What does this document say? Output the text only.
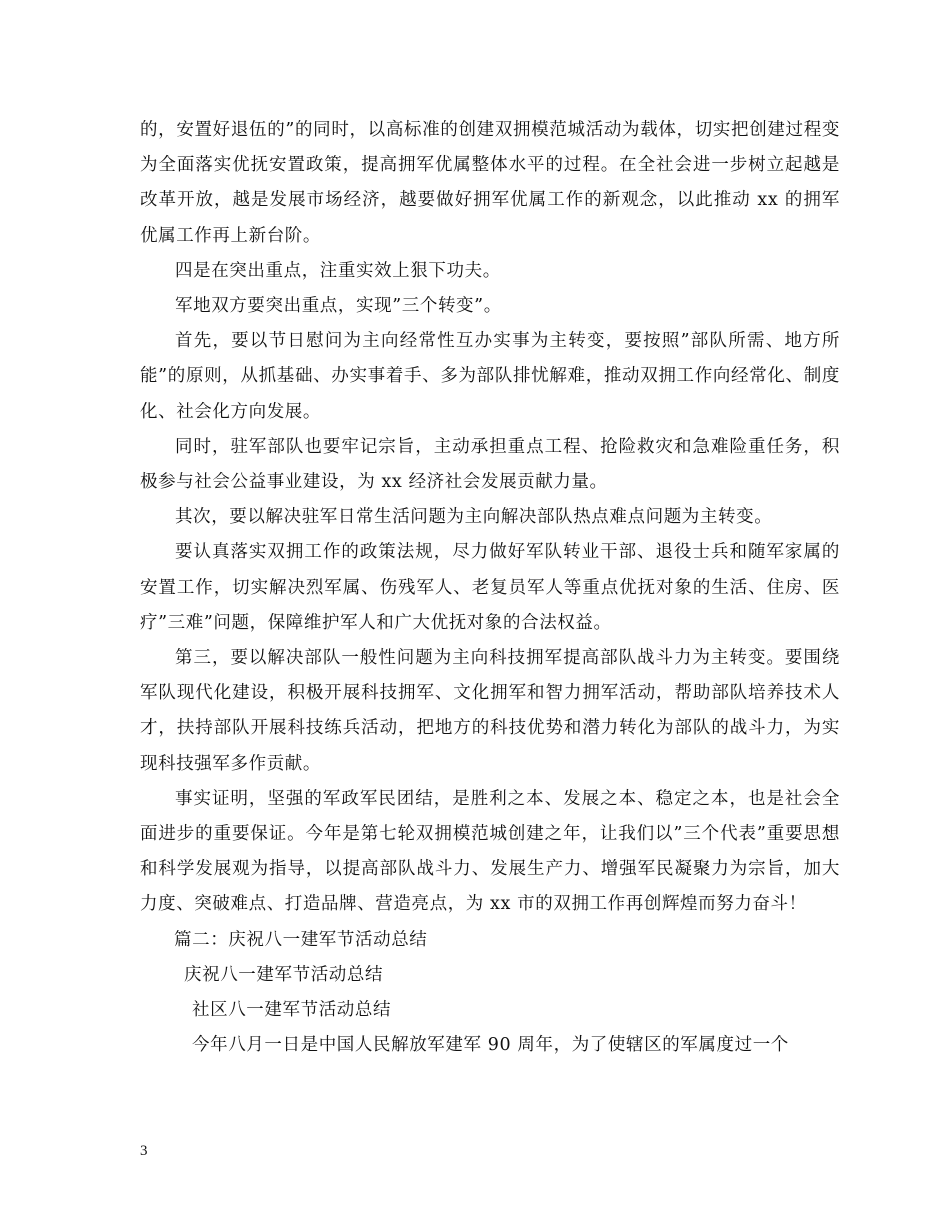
的，安置好退伍的”的同时，以高标准的创建双拥模范城活动为载体，切实把创建过程变为全面落实优抚安置政策，提高拥军优属整体水平的过程。在全社会进一步树立起越是改革开放，越是发展市场经济，越要做好拥军优属工作的新观念，以此推动 xx 的拥军优属工作再上新台阶。

四是在突出重点，注重实效上狠下功夫。

军地双方要突出重点，实现”三个转变”。

首先，要以节日慰问为主向经常性互办实事为主转变，要按照”部队所需、地方所能”的原则，从抓基础、办实事着手、多为部队排忧解难，推动双拥工作向经常化、制度化、社会化方向发展。

同时，驻军部队也要牢记宗旨，主动承担重点工程、抢险救灾和急难险重任务，积极参与社会公益事业建设，为 xx 经济社会发展贡献力量。

其次，要以解决驻军日常生活问题为主向解决部队热点难点问题为主转变。

要认真落实双拥工作的政策法规，尽力做好军队转业干部、退役士兵和随军家属的安置工作，切实解决烈军属、伤残军人、老复员军人等重点优抚对象的生活、住房、医疗”三难”问题，保障维护军人和广大优抚对象的合法权益。

第三，要以解决部队一般性问题为主向科技拥军提高部队战斗力为主转变。要围绕军队现代化建设，积极开展科技拥军、文化拥军和智力拥军活动，帮助部队培养技术人才，扶持部队开展科技练兵活动，把地方的科技优势和潜力转化为部队的战斗力，为实现科技强军多作贡献。

事实证明，坚强的军政军民团结，是胜利之本、发展之本、稳定之本，也是社会全面进步的重要保证。今年是第七轮双拥模范城创建之年，让我们以”三个代表”重要思想和科学发展观为指导，以提高部队战斗力、发展生产力、增强军民凝聚力为宗旨，加大力度、突破难点、打造品牌、营造亮点，为 xx 市的双拥工作再创辉煌而努力奋斗！

篇二：庆祝八一建军节活动总结

庆祝八一建军节活动总结

社区八一建军节活动总结

今年八月一日是中国人民解放军建军 90 周年，为了使辖区的军属度过一个

3
